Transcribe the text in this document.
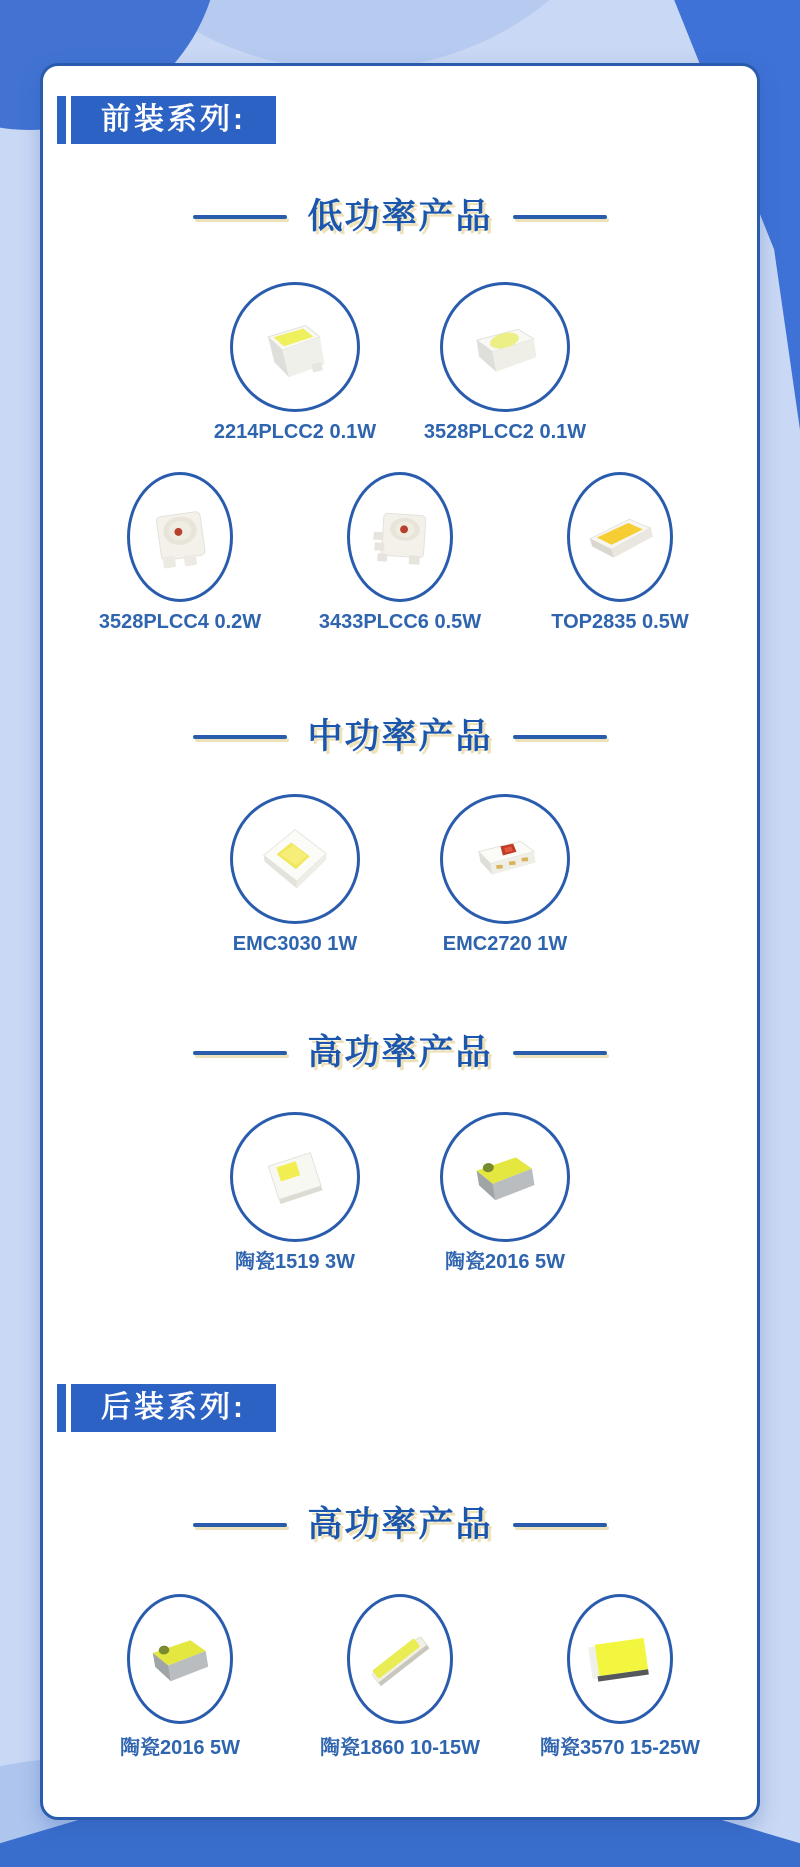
前装系列:
低功率产品
2214PLCC2 0.1W 3528PLCC2 0.1W
3528PLCC4 0.2W	3433PLCC6 0.5W	TOP2835 0.5W
中功率产品
EMC3030 1W	EMC2720 1W
高功率产品
陶瓷1519 3W	陶瓷2016 5W
后装系列:
高功率产品
陶瓷2016 5W	陶瓷1860 10-15W	陶瓷3570 15-25W
